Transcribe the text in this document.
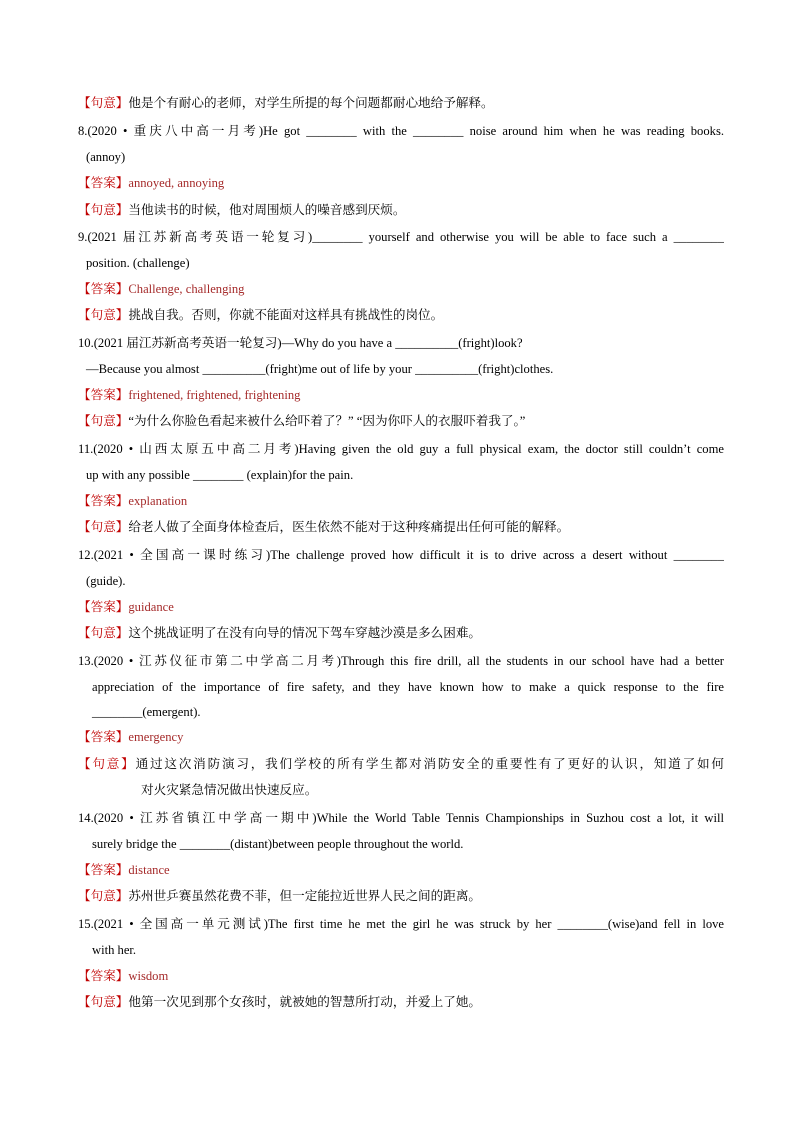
【句意】他是个有耐心的老师，对学生所提的每个问题都耐心地给予解释。
8.(2020 • 重庆八中高一月考)He got ________ with the ________ noise around him when he was reading books.
(annoy)
【答案】annoyed, annoying
【句意】当他读书的时候，他对周围烦人的噪音感到厌烦。
9.(2021 届江苏新高考英语一轮复习)________ yourself and otherwise you will be able to face such a ________
position. (challenge)
【答案】Challenge, challenging
【句意】挑战自我。否则，你就不能面对这样具有挑战性的岗位。
10.(2021 届江苏新高考英语一轮复习)—Why do you have a __________(fright)look?
—Because you almost __________(fright)me out of life by your __________(fright)clothes.
【答案】frightened, frightened, frightening
【句意】“为什么你脸色看起来被什么给吓着了？” “因为你吓人的衣服吓着我了。”
11.(2020 • 山西太原五中高二月考)Having given the old guy a full physical exam, the doctor still couldn’t come
up with any possible ________ (explain)for the pain.
【答案】explanation
【句意】给老人做了全面身体检查后，医生依然不能对于这种疼痛提出任何可能的解释。
12.(2021 • 全国高一课时练习)The challenge proved how difficult it is to drive across a desert without ________
(guide).
【答案】guidance
【句意】这个挑战证明了在没有向导的情况下驾车穿越沙漠是多么困难。
13.(2020 • 江苏仪征市第二中学高二月考)Through this fire drill, all the students in our school have had a better
appreciation of the importance of fire safety, and they have known how to make a quick response to the fire
________(emergent).
【答案】emergency
【句意】通过这次消防演习，我们学校的所有学生都对消防安全的重要性有了更好的认识，知道了如何
对火灾紧急情况做出快速反应。
14.(2020 • 江苏省镇江中学高一期中)While the World Table Tennis Championships in Suzhou cost a lot, it will
surely bridge the ________(distant)between people throughout the world.
【答案】distance
【句意】苏州世乒赛虽然花费不菲，但一定能拉近世界人民之间的距离。
15.(2021 • 全国高一单元测试)The first time he met the girl he was struck by her ________(wise)and fell in love
with her.
【答案】wisdom
【句意】他第一次见到那个女孩时，就被她的智慧所打动，并爱上了她。
